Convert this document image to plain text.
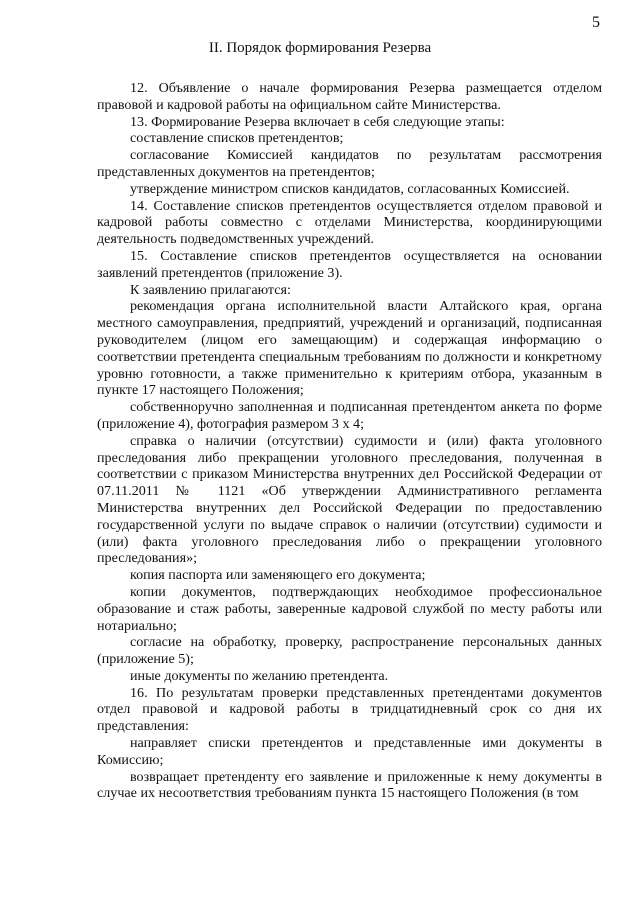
5
II. Порядок формирования Резерва

12. Объявление о начале формирования Резерва размещается отделом правовой и кадровой работы на официальном сайте Министерства.

13. Формирование Резерва включает в себя следующие этапы:

составление списков претендентов;

согласование Комиссией кандидатов по результатам рассмотрения представленных документов на претендентов;

утверждение министром списков кандидатов, согласованных Комиссией.

14. Составление списков претендентов осуществляется отделом правовой и кадровой работы совместно с отделами Министерства, координирующими деятельность подведомственных учреждений.

15. Составление списков претендентов осуществляется на основании заявлений претендентов (приложение 3).

К заявлению прилагаются:

рекомендация органа исполнительной власти Алтайского края, органа местного самоуправления, предприятий, учреждений и организаций, подписанная руководителем (лицом его замещающим) и содержащая информацию о соответствии претендента специальным требованиям по должности и конкретному уровню готовности, а также применительно к критериям отбора, указанным в пункте 17 настоящего Положения;

собственноручно заполненная и подписанная претендентом анкета по форме (приложение 4), фотография размером 3 х 4;

справка о наличии (отсутствии) судимости и (или) факта уголовного преследования либо прекращении уголовного преследования, полученная в соответствии с приказом Министерства внутренних дел Российской Федерации от 07.11.2011 № 1121 «Об утверждении Административного регламента Министерства внутренних дел Российской Федерации по предоставлению государственной услуги по выдаче справок о наличии (отсутствии) судимости и (или) факта уголовного преследования либо о прекращении уголовного преследования»;

копия паспорта или заменяющего его документа;

копии документов, подтверждающих необходимое профессиональное образование и стаж работы, заверенные кадровой службой по месту работы или нотариально;

согласие на обработку, проверку, распространение персональных данных (приложение 5);

иные документы по желанию претендента.

16. По результатам проверки представленных претендентами документов отдел правовой и кадровой работы в тридцатидневный срок со дня их представления:

направляет списки претендентов и представленные ими документы в Комиссию;

возвращает претенденту его заявление и приложенные к нему документы в случае их несоответствия требованиям пункта 15 настоящего Положения (в том
